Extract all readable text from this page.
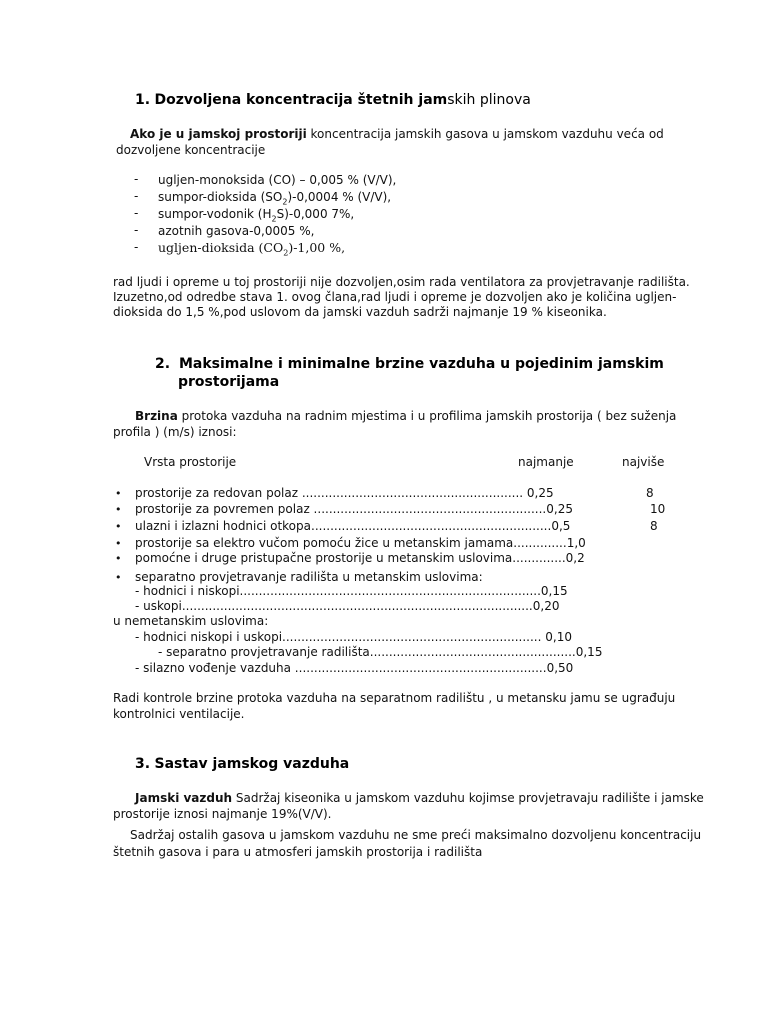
1. Dozvoljena koncentracija štetnih jamskih plinova
Ako je u jamskoj prostoriji koncentracija jamskih gasova u jamskom vazduhu veća od
dozvoljene koncentracije
- ugljen-monoksida (CO) – 0,005 % (V/V),
- sumpor-dioksida $(SO_2)-0,0004$ % (V/V),
- sumpor-vodonik $(H_2S)-0,000$ 7%,
- azotnih gasova-0,0005 %,
- ugljen-dioksida $(CO_2)-1,00$ %,
rad ljudi i opreme u toj prostoriji nije dozvoljen,osim rada ventilatora za provjetravanje radilišta.
Izuzetno,od odredbe stava 1. ovog člana,rad ljudi i opreme je dozvoljen ako je količina ugljen-
dioksida do 1,5 %,pod uslovom da jamski vazduh sadrži najmanje 19 % kiseonika.
2. Maksimalne i minimalne brzine vazduha u pojedinim jamskim
prostorijama
Brzina protoka vazduha na radnim mjestima i u profilima jamskih prostorija ( bez suženja
profila ) (m/s) iznosi:
Vrsta prostorije	najmanje	najviše
• prostorije za redovan polaz .......................................................... 0,25	8
• prostorije za povremen polaz .............................................................0,25	10
• ulazni i izlazni hodnici otkopa...............................................................0,5	8
• prostorije sa elektro vučom pomoću žice u metanskim jamama..............1,0
• pomoćne i druge pristupačne prostorije u metanskim uslovima..............0,2
• separatno provjetravanje radilišta u metanskim uslovima:
- hodnici i niskopi...............................................................................0,15
- uskopi............................................................................................0,20
u nemetanskim uslovima:
- hodnici niskopi i uskopi.................................................................... 0,10
- separatno provjetravanje radilišta......................................................0,15
- silazno vođenje vazduha ..................................................................0,50
Radi kontrole brzine protoka vazduha na separatnom radilištu , u metansku jamu se ugrađuju
kontrolnici ventilacije.
3. Sastav jamskog vazduha
Jamski vazduh Sadržaj kiseonika u jamskom vazduhu kojimse provjetravaju radilište i jamske
prostorije iznosi najmanje 19%(V/V).
Sadržaj ostalih gasova u jamskom vazduhu ne sme preći maksimalno dozvoljenu koncentraciju
štetnih gasova i para u atmosferi jamskih prostorija i radilišta
